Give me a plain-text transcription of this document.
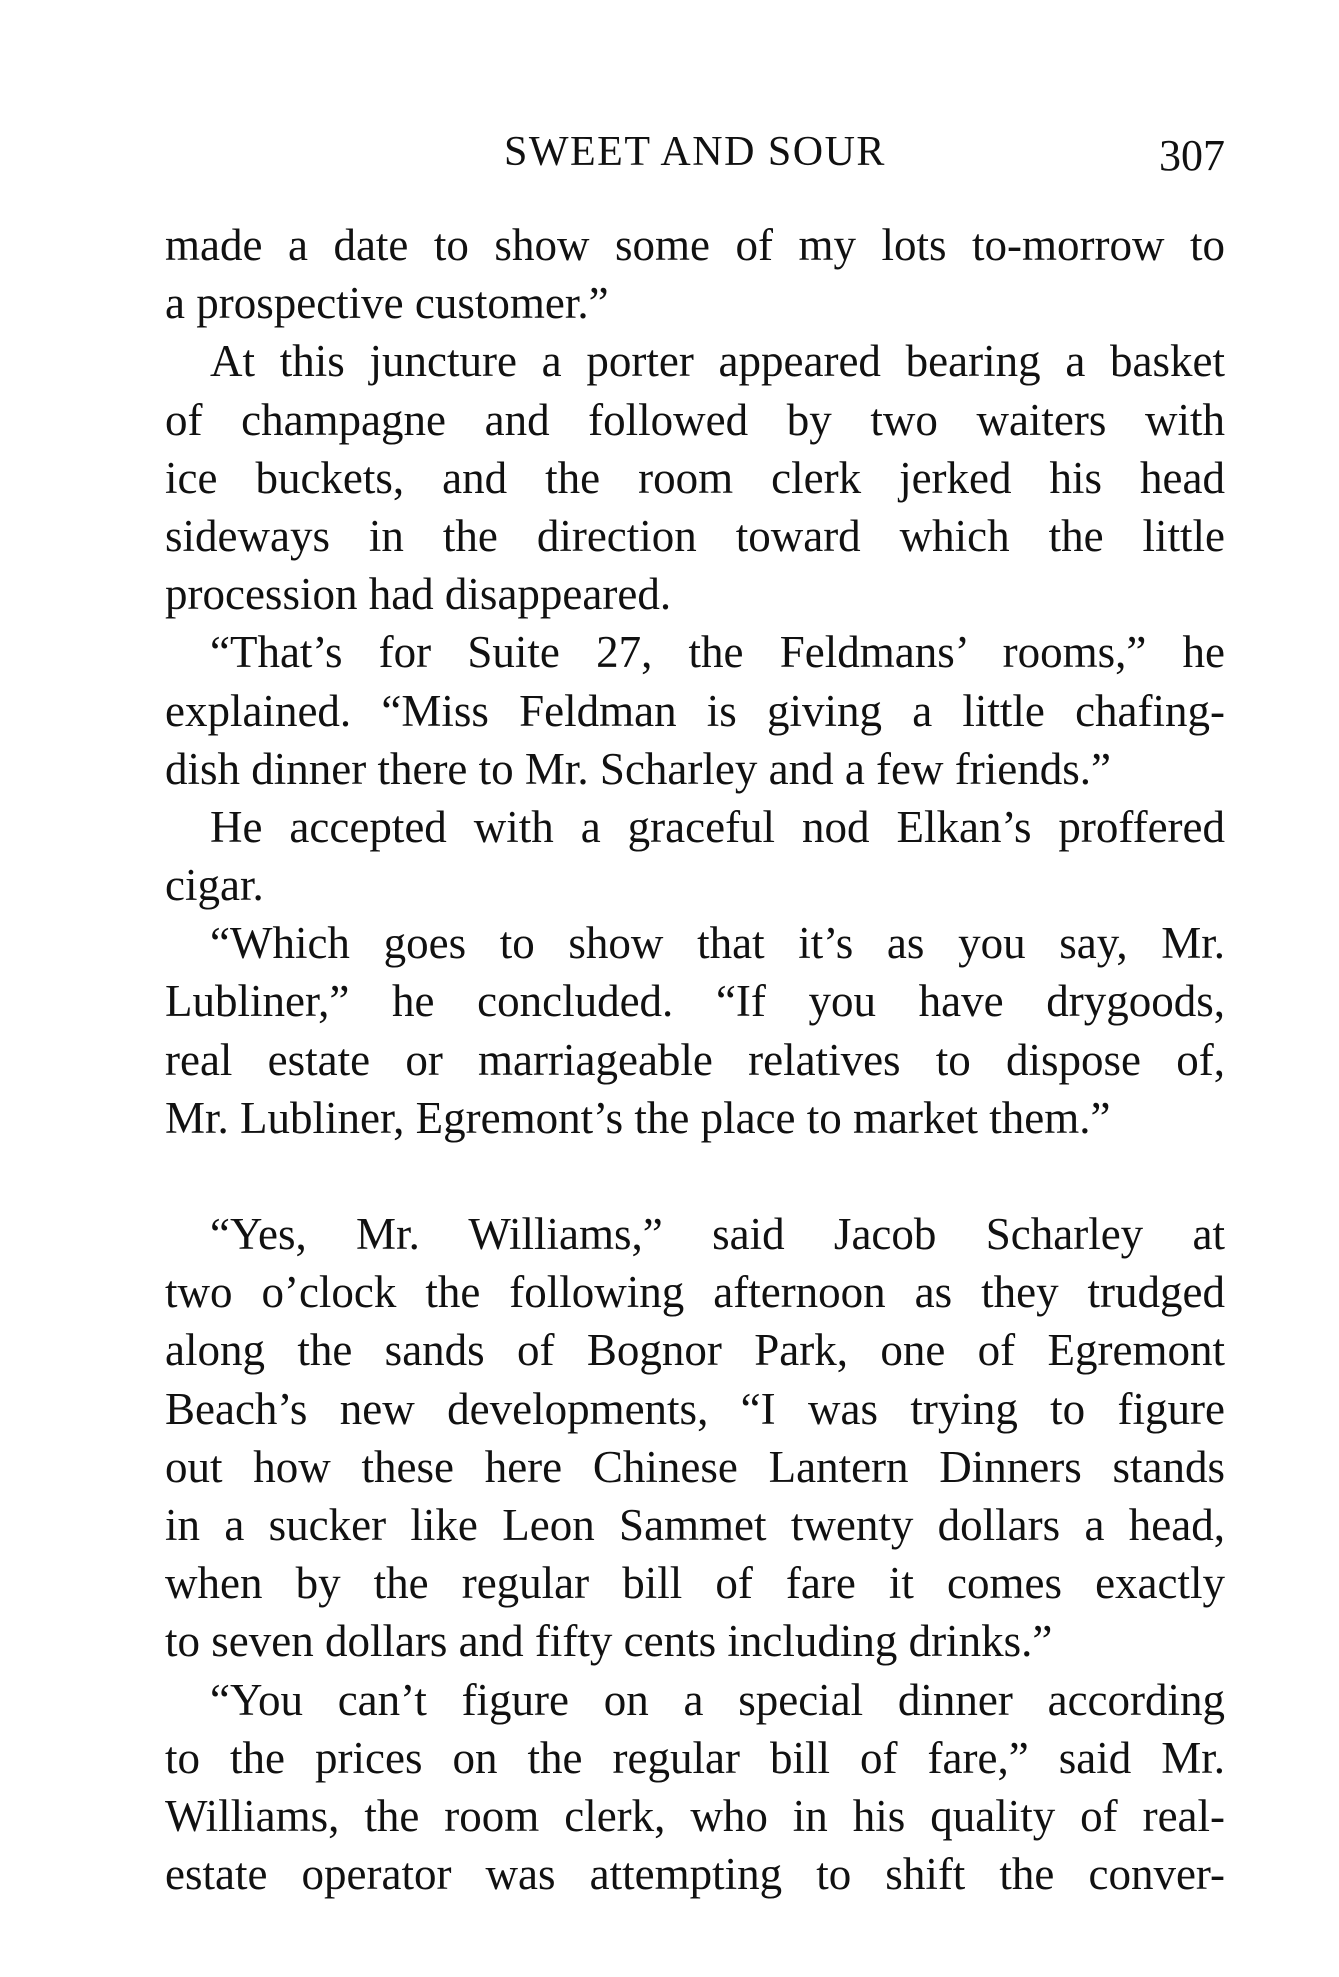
SWEET AND SOUR	307
made a date to show some of my lots to-morrow to
a prospective customer.”
At this juncture a porter appeared bearing a basket
of champagne and followed by two waiters with
ice buckets, and the room clerk jerked his head
sideways in the direction toward which the little
procession had disappeared.
“That’s for Suite 27, the Feldmans’ rooms,” he
explained. “Miss Feldman is giving a little chafing-
dish dinner there to Mr. Scharley and a few friends.”
He accepted with a graceful nod Elkan’s proffered
cigar.
“Which goes to show that it’s as you say, Mr.
Lubliner,” he concluded. “If you have drygoods,
real estate or marriageable relatives to dispose of,
Mr. Lubliner, Egremont’s the place to market them.”
“Yes, Mr. Williams,” said Jacob Scharley at
two o’clock the following afternoon as they trudged
along the sands of Bognor Park, one of Egremont
Beach’s new developments, “I was trying to figure
out how these here Chinese Lantern Dinners stands
in a sucker like Leon Sammet twenty dollars a head,
when by the regular bill of fare it comes exactly
to seven dollars and fifty cents including drinks.”
“You can’t figure on a special dinner according
to the prices on the regular bill of fare,” said Mr.
Williams, the room clerk, who in his quality of real-
estate operator was attempting to shift the conver-
